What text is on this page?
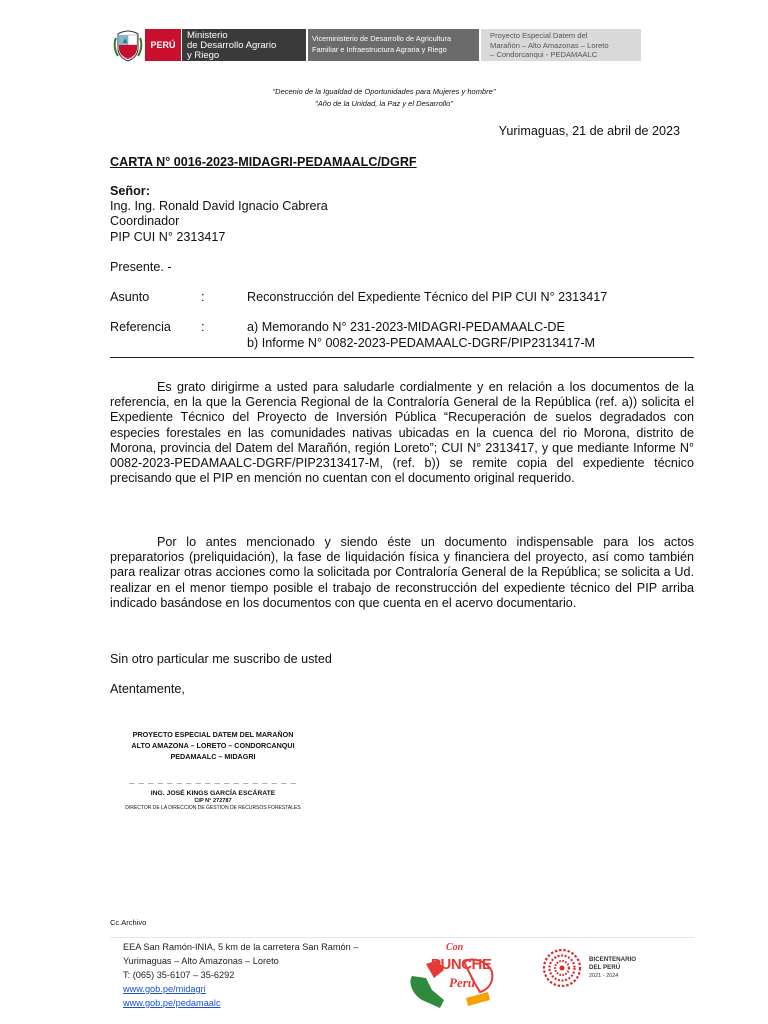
PERÚ
Ministerio
de Desarrollo Agrario
y Riego
Viceministerio de Desarrollo de Agricultura
Familiar e Infraestructura Agraria y Riego
Proyecto Especial Datem del
Marañón – Alto Amazonas – Loreto
– Condorcanqui - PEDAMAALC
"Decenio de la Igualdad de Oportunidades para Mujeres y hombre"
"Año de la Unidad, la Paz y el Desarrollo"
Yurimaguas, 21 de abril de 2023
CARTA N° 0016-2023-MIDAGRI-PEDAMAALC/DGRF
Señor:
Ing. Ing. Ronald David Ignacio Cabrera
Coordinador
PIP CUI N° 2313417
Presente. -
Asunto	:	Reconstrucción del Expediente Técnico del PIP CUI N° 2313417
Referencia :	a) Memorando N° 231-2023-MIDAGRI-PEDAMAALC-DE
b) Informe N° 0082-2023-PEDAMAALC-DGRF/PIP2313417-M
Es grato dirigirme a usted para saludarle cordialmente y en relación a los documentos de la referencia, en la que la Gerencia Regional de la Contraloría General de la República (ref. a)) solicita el Expediente Técnico del Proyecto de Inversión Pública “Recuperación de suelos degradados con especies forestales en las comunidades nativas ubicadas en la cuenca del rio Morona, distrito de Morona, provincia del Datem del Marañón, región Loreto”; CUI N° 2313417, y que mediante Informe N° 0082-2023-PEDAMAALC-DGRF/PIP2313417-M, (ref. b)) se remite copia del expediente técnico precisando que el PIP en mención no cuentan con el documento original requerido.
Por lo antes mencionado y siendo éste un documento indispensable para los actos preparatorios (preliquidación), la fase de liquidación física y financiera del proyecto, así como también para realizar otras acciones como la solicitada por Contraloría General de la República; se solicita a Ud. realizar en el menor tiempo posible el trabajo de reconstrucción del expediente técnico del PIP arriba indicado basándose en los documentos con que cuenta en el acervo documentario.
Sin otro particular me suscribo de usted
Atentamente,
PROYECTO ESPECIAL DATEM DEL MARAÑON
ALTO AMAZONA – LORETO – CONDORCANQUI
PEDAMAALC – MIDAGRI
_ _ _ _ _ _ _ _ _ _ _ _ _ _ _ _ _ _
ING. JOSÉ KINGS GARCÍA ESCÁRATE
CIP N° 272787
DIRECTOR DE LA DIRECCION DE GESTION DE RECURSOS FORESTALES
Cc.Archivo
EEA San Ramón-INIA, 5 km de la carretera San Ramón –
Yurimaguas – Alto Amazonas – Loreto
T: (065) 35-6107 – 35-6292
www.gob.pe/midagri
www.gob.pe/pedamaalc
Con
PUNCHE
Perú
BICENTENARIO
DEL PERÚ
2021 - 2024
